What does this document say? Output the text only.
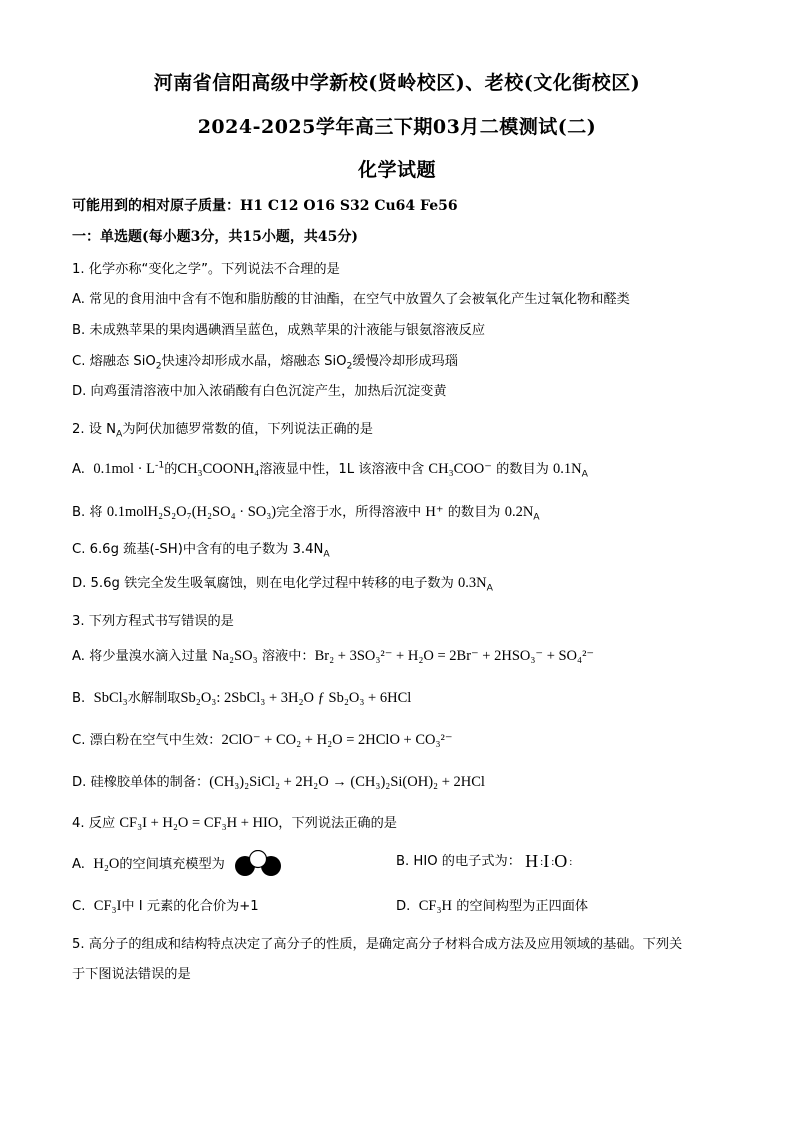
河南省信阳高级中学新校(贤岭校区)、老校(文化街校区)
2024-2025学年高三下期03月二模测试(二)
化学试题
可能用到的相对原子质量：H1 C12 O16 S32 Cu64 Fe56
一：单选题(每小题3分，共15小题，共45分)
1. 化学亦称“变化之学”。下列说法不合理的是
A. 常见的食用油中含有不饱和脂肪酸的甘油酯，在空气中放置久了会被氧化产生过氧化物和醛类
B. 未成熟苹果的果肉遇碘酒呈蓝色，成熟苹果的汁液能与银氨溶液反应
C. 熔融态 SiO$_2$快速冷却形成水晶，熔融态 SiO$_2$缓慢冷却形成玛瑙
D. 向鸡蛋清溶液中加入浓硝酸有白色沉淀产生，加热后沉淀变黄
2. 设 $N_A$为阿伏加德罗常数的值，下列说法正确的是
A. $0.1mol \cdot L^{-1}$的CH₃COONH₄溶液显中性，1L 该溶液中含 CH₃COO⁻ 的数目为 $0.1N_A$
B. 将 0.1molH₂S₂O₇(H₂SO₄ · SO₃)完全溶于水，所得溶液中 H⁺ 的数目为 $0.2N_A$
C. 6.6g 巯基(-SH)中含有的电子数为 $3.4N_A$
D. 5.6g 铁完全发生吸氧腐蚀，则在电化学过程中转移的电子数为 $0.3N_A$
3. 下列方程式书写错误的是
A. 将少量溴水滴入过量 Na₂SO₃ 溶液中：Br₂ + 3SO₃²⁻ + H₂O = 2Br⁻ + 2HSO₃⁻ + SO₄²⁻
B. SbCl₃水解制取Sb₂O₃: 2SbCl₃ + 3H₂O ƒ Sb₂O₃ + 6HCl
C. 漂白粉在空气中生效：2ClO⁻ + CO₂ + H₂O = 2HClO + CO₃²⁻
D. 硅橡胶单体的制备：(CH₃)₂SiCl₂ + 2H₂O → (CH₃)₂Si(OH)₂ + 2HCl
4. 反应 CF₃I + H₂O = CF₃H + HIO，下列说法正确的是
A. H₂O的空间填充模型为	B. HIO 的电子式为： H:I:O:
C. CF₃I中 I 元素的化合价为+1	D. CF₃H 的空间构型为正四面体
5. 高分子的组成和结构特点决定了高分子的性质，是确定高分子材料合成方法及应用领域的基础。下列关
于下图说法错误的是
